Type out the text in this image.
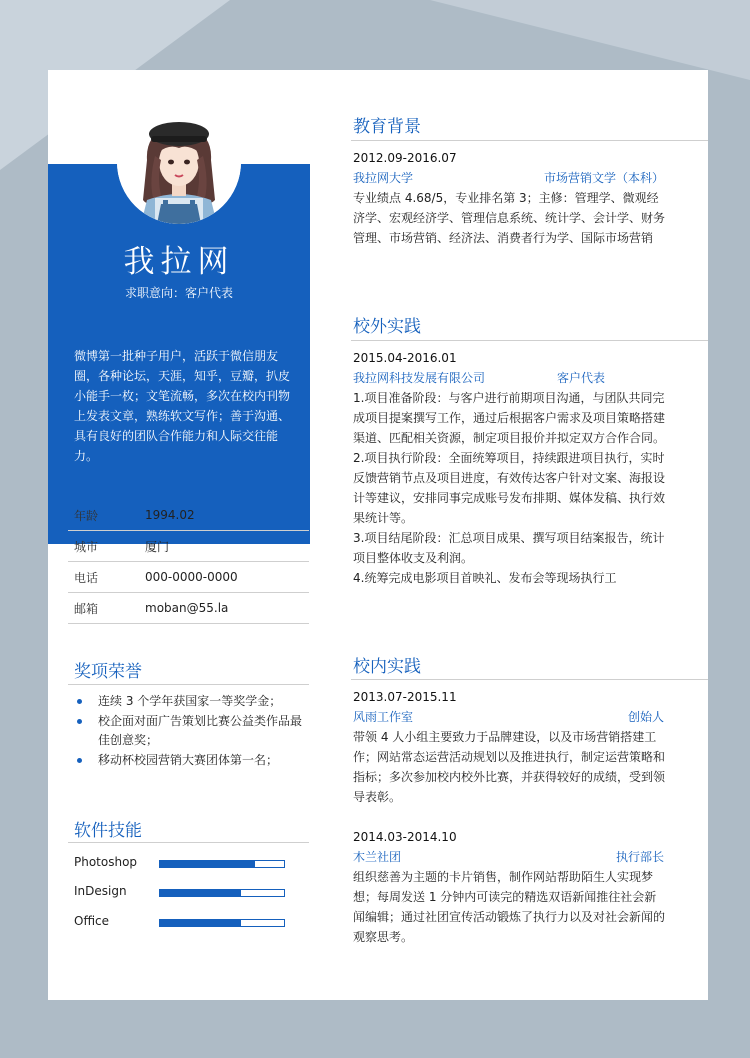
我拉网
求职意向：客户代表
微博第一批种子用户，活跃于微信朋友圈，各种论坛，天涯，知乎，豆瓣，扒皮小能手一枚；文笔流畅，多次在校内刊物上发表文章，熟练软文写作；善于沟通、具有良好的团队合作能力和人际交往能力。
年龄	1994.02
城市	厦门
电话	000-0000-0000
邮箱	moban@55.la
奖项荣誉
连续 3 个学年获国家一等奖学金；
校企面对面广告策划比赛公益类作品最佳创意奖；
移动杯校园营销大赛团体第一名；
软件技能
Photoshop
InDesign
Office
教育背景
2012.09-2016.07
我拉网大学	市场营销文学（本科）
专业绩点 4.68/5，专业排名第 3；主修：管理学、微观经济学、宏观经济学、管理信息系统、统计学、会计学、财务管理、市场营销、经济法、消费者行为学、国际市场营销
校外实践
2015.04-2016.01
我拉网科技发展有限公司	客户代表

1.项目准备阶段：与客户进行前期项目沟通，与团队共同完成项目提案撰写工作，通过后根据客户需求及项目策略搭建渠道、匹配相关资源，制定项目报价并拟定双方合作合同。

2.项目执行阶段：全面统筹项目，持续跟进项目执行，实时反馈营销节点及项目进度，有效传达客户针对文案、海报设计等建议，安排同事完成账号发布排期、媒体发稿、执行效果统计等。

3.项目结尾阶段：汇总项目成果、撰写项目结案报告，统计项目整体收支及利润。

4.统筹完成电影项目首映礼、发布会等现场执行工

校内实践
2013.07-2015.11
风雨工作室	创始人
带领 4 人小组主要致力于品牌建设，以及市场营销搭建工作；网站常态运营活动规划以及推进执行，制定运营策略和指标；多次参加校内校外比赛，并获得较好的成绩，受到领导表彰。
2014.03-2014.10
木兰社团	执行部长
组织慈善为主题的卡片销售，制作网站帮助陌生人实现梦想；每周发送 1 分钟内可读完的精选双语新闻推往社会新闻编辑；通过社团宣传活动锻炼了执行力以及对社会新闻的观察思考。
